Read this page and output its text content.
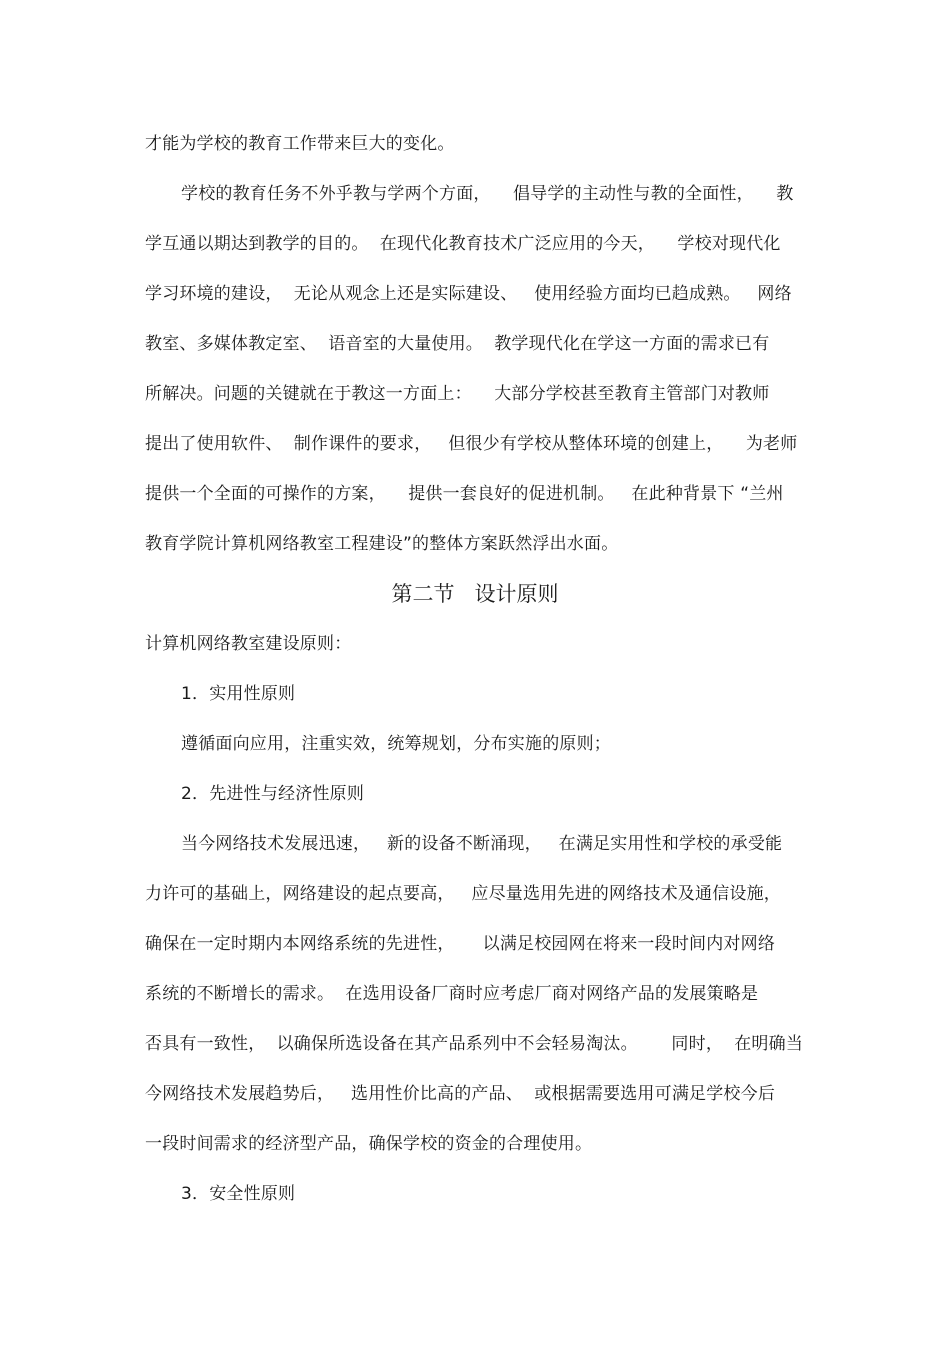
才能为学校的教育工作带来巨大的变化。
学校的教育任务不外乎教与学两个方面，    倡导学的主动性与教的全面性，    教
学互通以期达到教学的目的。  在现代化教育技术广泛应用的今天，    学校对现代化
学习环境的建设，  无论从观念上还是实际建设、   使用经验方面均已趋成熟。   网络
教室、多媒体教定室、  语音室的大量使用。  教学现代化在学这一方面的需求已有
所解决。问题的关键就在于教这一方面上：    大部分学校甚至教育主管部门对教师
提出了使用软件、  制作课件的要求，   但很少有学校从整体环境的创建上，    为老师
提供一个全面的可操作的方案，    提供一套良好的促进机制。   在此种背景下 “兰州
教育学院计算机网络教室工程建设”的整体方案跃然浮出水面。
第二节   设计原则
计算机网络教室建设原则：
1．实用性原则
遵循面向应用，注重实效，统筹规划，分布实施的原则；
2．先进性与经济性原则
当今网络技术发展迅速，   新的设备不断涌现，   在满足实用性和学校的承受能
力许可的基础上，网络建设的起点要高，   应尽量选用先进的网络技术及通信设施，
确保在一定时期内本网络系统的先进性，     以满足校园网在将来一段时间内对网络
系统的不断增长的需求。  在选用设备厂商时应考虑厂商对网络产品的发展策略是
否具有一致性，  以确保所选设备在其产品系列中不会轻易淘汰。      同时，  在明确当
今网络技术发展趋势后，   选用性价比高的产品、  或根据需要选用可满足学校今后
一段时间需求的经济型产品，确保学校的资金的合理使用。
3．安全性原则
